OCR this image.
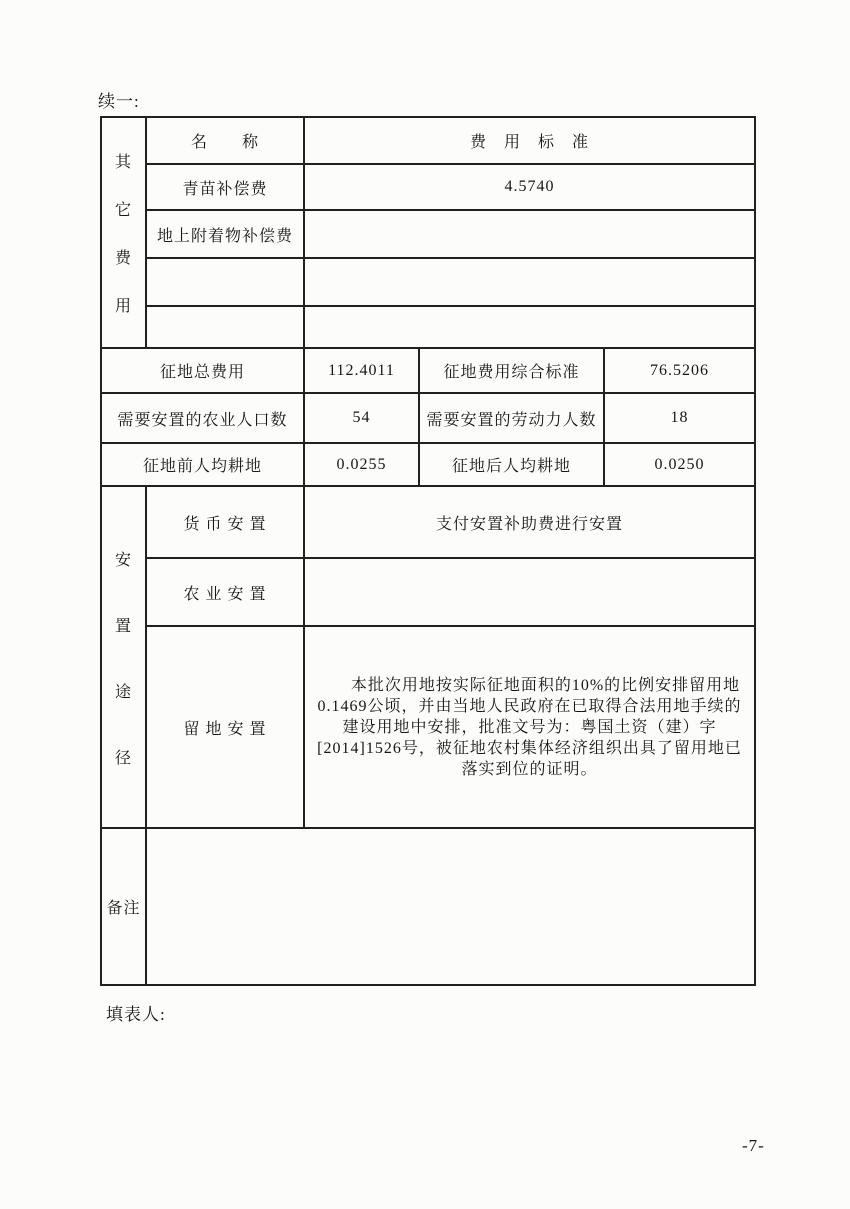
续一:
其
它
费
用	名　　称	费　用　标　准		
	青苗补偿费	4.5740		
	地上附着物补偿费			

征地总费用		112.4011	征地费用综合标准	76.5206
需要安置的农业人口数		54	需要安置的劳动力人数	18
征地前人均耕地		0.0255	征地后人均耕地	0.0250

安
置
途
径	货 币 安 置	支付安置补助费进行安置		
	农 业 安 置			
	留 地 安 置	本批次用地按实际征地面积的10%的比例安排留用地
0.1469公顷，并由当地人民政府在已取得合法用地手续的
建设用地中安排，批准文号为：粤国土资（建）字
[2014]1526号，被征地农村集体经济组织出具了留用地已
落实到位的证明。		

备注				
填表人:
-7-
